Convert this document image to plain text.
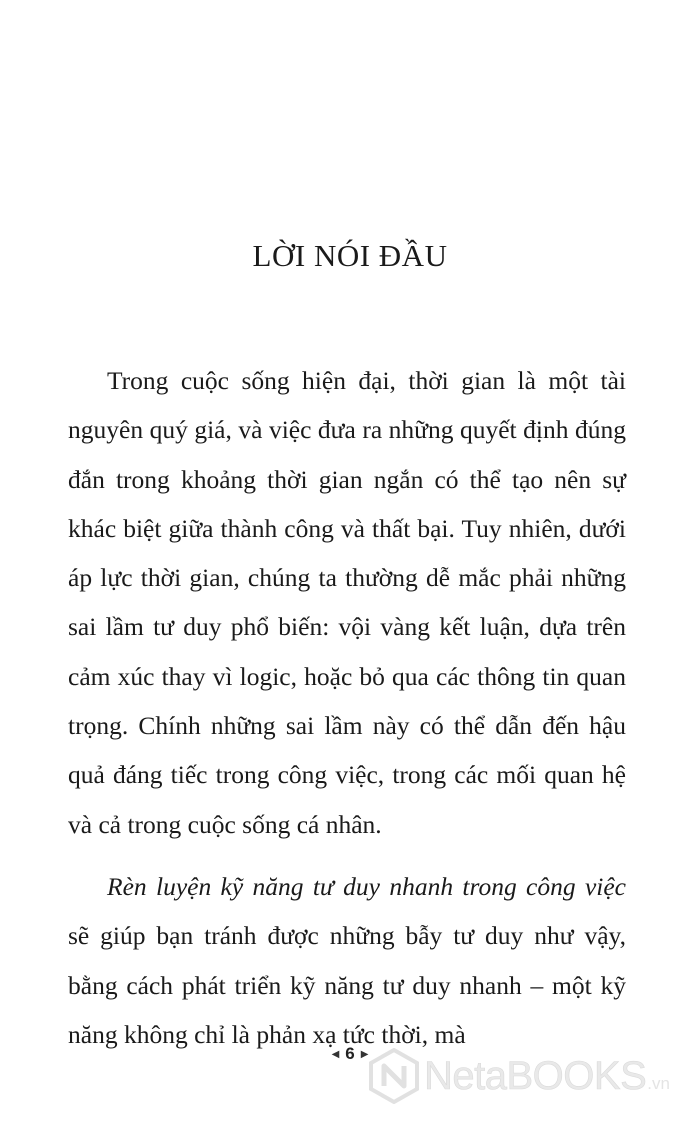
LỜI NÓI ĐẦU

Trong cuộc sống hiện đại, thời gian là một tài nguyên quý giá, và việc đưa ra những quyết định đúng đắn trong khoảng thời gian ngắn có thể tạo nên sự khác biệt giữa thành công và thất bại. Tuy nhiên, dưới áp lực thời gian, chúng ta thường dễ mắc phải những sai lầm tư duy phổ biến: vội vàng kết luận, dựa trên cảm xúc thay vì logic, hoặc bỏ qua các thông tin quan trọng. Chính những sai lầm này có thể dẫn đến hậu quả đáng tiếc trong công việc, trong các mối quan hệ và cả trong cuộc sống cá nhân.

Rèn luyện kỹ năng tư duy nhanh trong công việc sẽ giúp bạn tránh được những bẫy tư duy như vậy, bằng cách phát triển kỹ năng tư duy nhanh – một kỹ năng không chỉ là phản xạ tức thời, mà

◀ 6 ▶	NetaBOOKS .vn
